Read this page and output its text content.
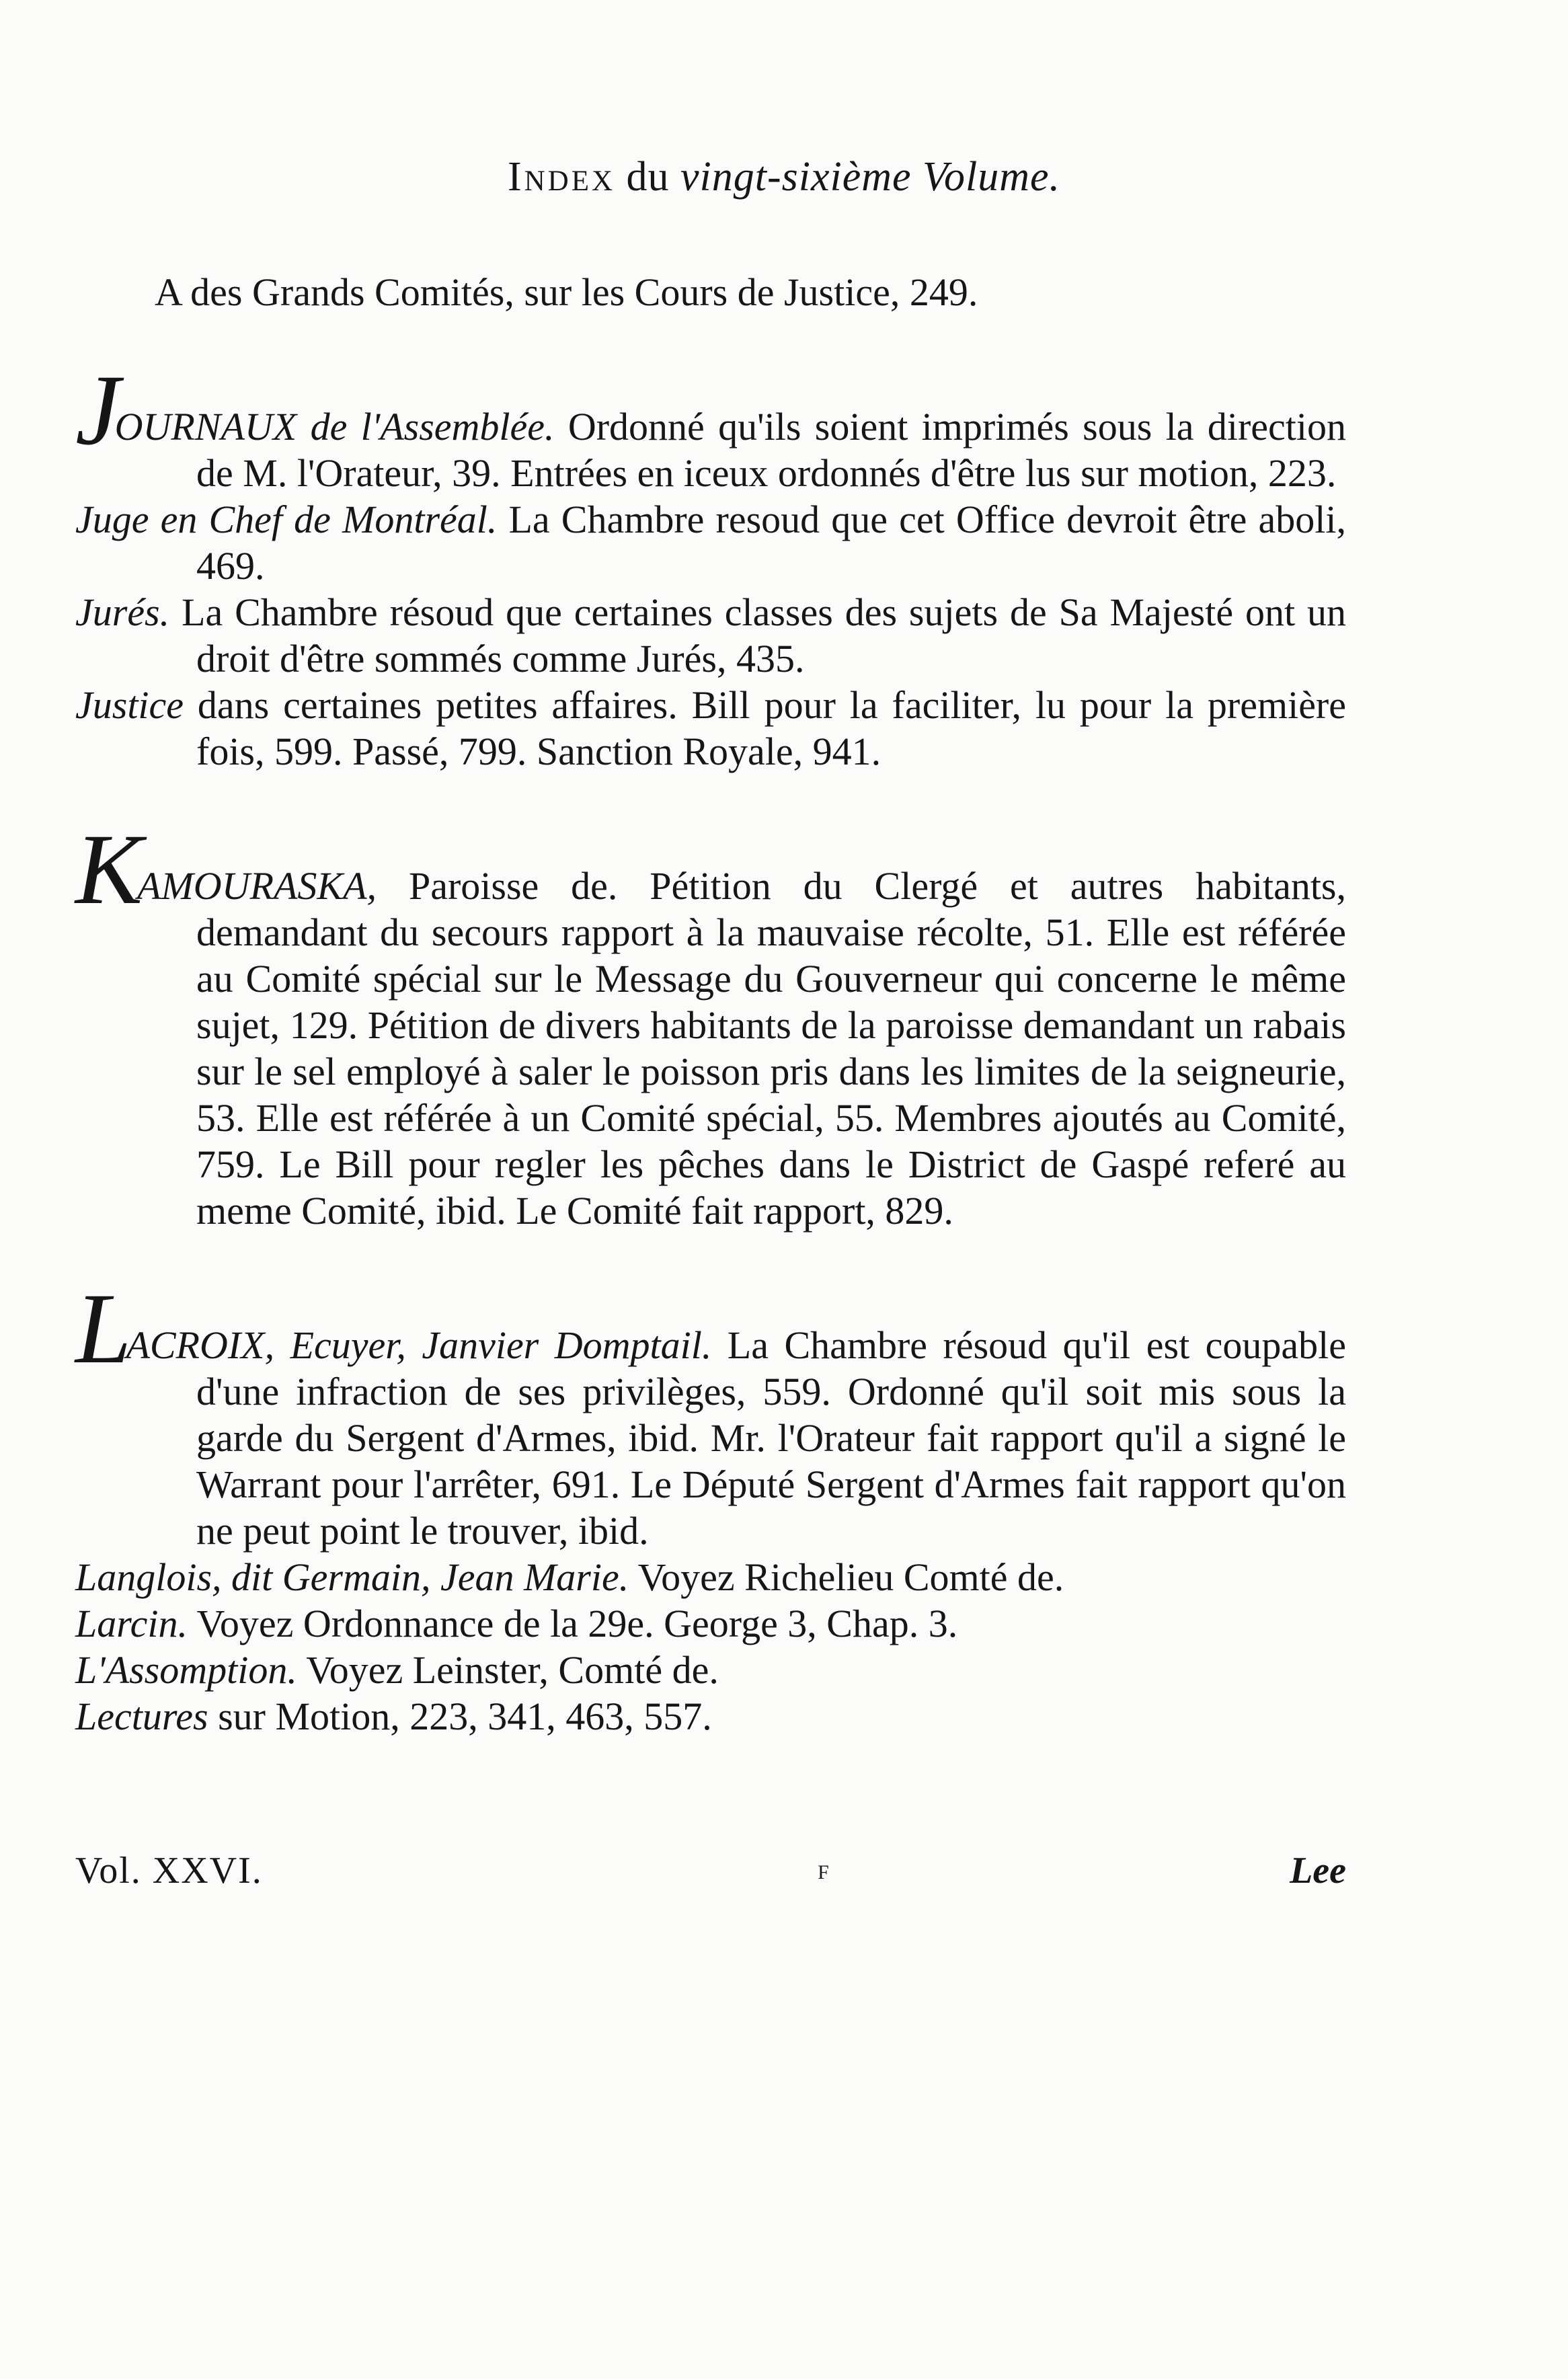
Index du vingt-sixième Volume.

A des Grands Comités, sur les Cours de Justice, 249.

JOURNAUX de l'Assemblée. Ordonné qu'ils soient imprimés sous la direction de M. l'Orateur, 39. Entrées en iceux ordonnés d'être lus sur motion, 223.

Juge en Chef de Montréal. La Chambre resoud que cet Office devroit être aboli, 469.

Jurés. La Chambre résoud que certaines classes des sujets de Sa Majesté ont un droit d'être sommés comme Jurés, 435.

Justice dans certaines petites affaires. Bill pour la faciliter, lu pour la première fois, 599. Passé, 799. Sanction Royale, 941.

KAMOURASKA, Paroisse de. Pétition du Clergé et autres habitants, demandant du secours rapport à la mauvaise récolte, 51. Elle est référée au Comité spécial sur le Message du Gouverneur qui concerne le même sujet, 129. Pétition de divers habitants de la paroisse demandant un rabais sur le sel employé à saler le poisson pris dans les limites de la seigneurie, 53. Elle est référée à un Comité spécial, 55. Membres ajoutés au Comité, 759. Le Bill pour regler les pêches dans le District de Gaspé referé au meme Comité, ibid. Le Comité fait rapport, 829.

LACROIX, Ecuyer, Janvier Domptail. La Chambre résoud qu'il est coupable d'une infraction de ses privilèges, 559. Ordonné qu'il soit mis sous la garde du Sergent d'Armes, ibid. Mr. l'Orateur fait rapport qu'il a signé le Warrant pour l'arrêter, 691. Le Député Sergent d'Armes fait rapport qu'on ne peut point le trouver, ibid.

Langlois, dit Germain, Jean Marie. Voyez Richelieu Comté de.

Larcin. Voyez Ordonnance de la 29e. George 3, Chap. 3.

L'Assomption. Voyez Leinster, Comté de.

Lectures sur Motion, 223, 341, 463, 557.

Vol. XXVI.	F	Lee
